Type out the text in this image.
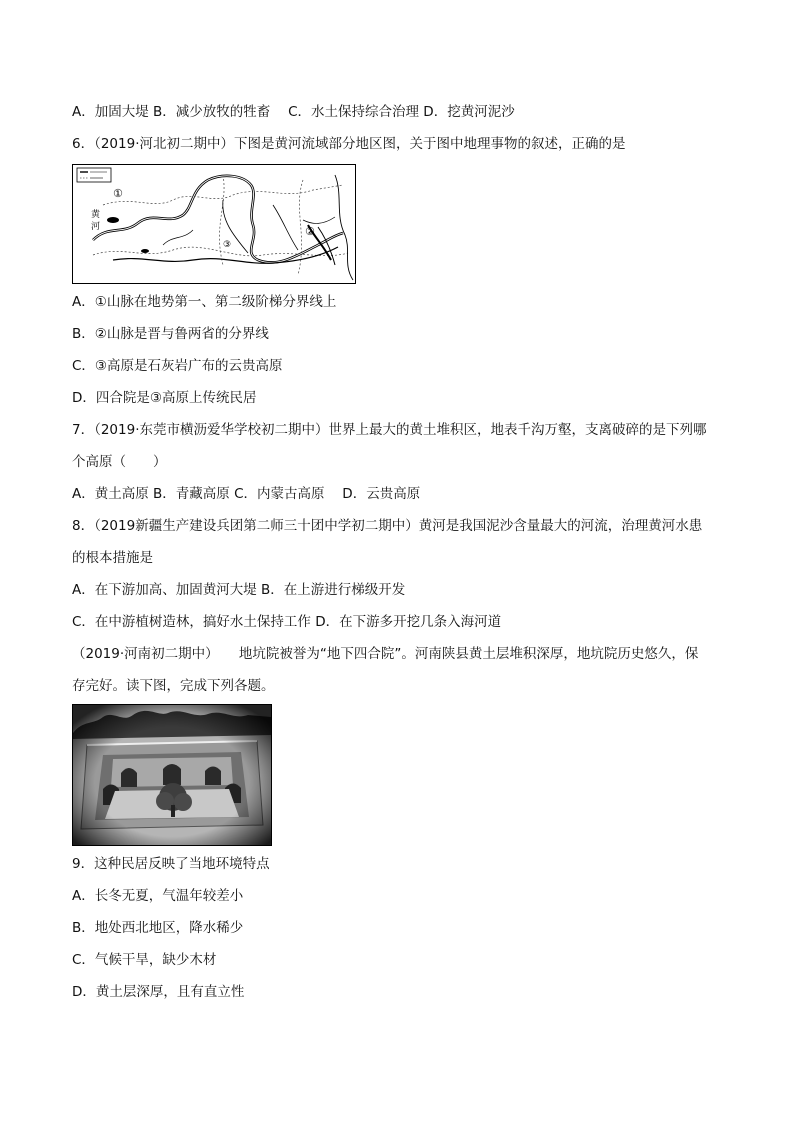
A．加固大堤 B．减少放牧的牲畜　 C．水土保持综合治理 D．挖黄河泥沙
6．（2019·河北初二期中）下图是黄河流域部分地区图，关于图中地理事物的叙述，正确的是
①
②
③
黄
河
A．①山脉在地势第一、第二级阶梯分界线上
B．②山脉是晋与鲁两省的分界线
C．③高原是石灰岩广布的云贵高原
D．四合院是③高原上传统民居
7．（2019·东莞市横沥爱华学校初二期中）世界上最大的黄土堆积区，地表千沟万壑，支离破碎的是下列哪
个高原（　　）
A．黄土高原 B．青藏高原 C．内蒙古高原　 D．云贵高原
8．（2019新疆生产建设兵团第二师三十团中学初二期中）黄河是我国泥沙含量最大的河流，治理黄河水患
的根本措施是
A．在下游加高、加固黄河大堤 B．在上游进行梯级开发
C．在中游植树造林，搞好水土保持工作 D．在下游多开挖几条入海河道
（2019·河南初二期中）　　地坑院被誉为“地下四合院”。河南陕县黄土层堆积深厚，地坑院历史悠久，保
存完好。读下图，完成下列各题。
9．这种民居反映了当地环境特点
A．长冬无夏，气温年较差小
B．地处西北地区，降水稀少
C．气候干旱，缺少木材
D．黄土层深厚，且有直立性
